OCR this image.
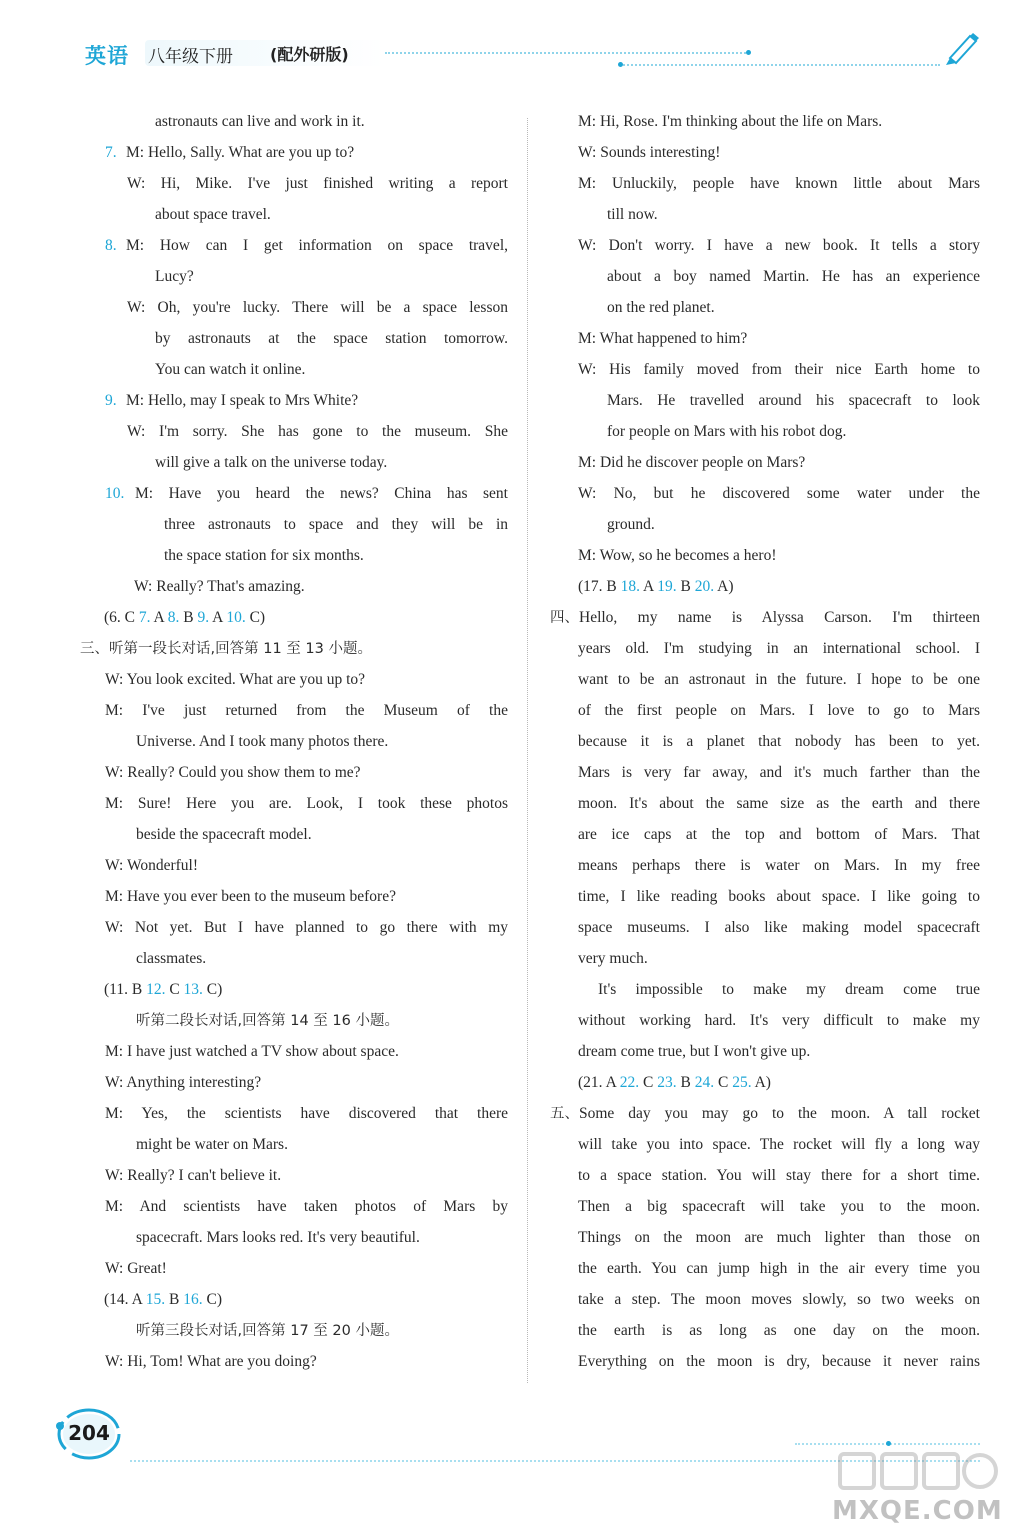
英语 八年级下册 (配外研版)
astronauts can live and work in it.
7. M: Hello, Sally. What are you up to?
W: Hi, Mike. I've just finished writing a report
about space travel.
8. M: How can I get information on space travel,
Lucy?
W: Oh, you're lucky. There will be a space lesson
by astronauts at the space station tomorrow.
You can watch it online.
9. M: Hello, may I speak to Mrs White?
W: I'm sorry. She has gone to the museum. She
will give a talk on the universe today.
10. M: Have you heard the news? China has sent
three astronauts to space and they will be in
the space station for six months.
W: Really? That's amazing.
(6. C 7. A 8. B 9. A 10. C)
三、听第一段长对话,回答第 11 至 13 小题。
W: You look excited. What are you up to?
M: I've just returned from the Museum of the
Universe. And I took many photos there.
W: Really? Could you show them to me?
M: Sure! Here you are. Look, I took these photos
beside the spacecraft model.
W: Wonderful!
M: Have you ever been to the museum before?
W: Not yet. But I have planned to go there with my
classmates.
(11. B 12. C 13. C)
听第二段长对话,回答第 14 至 16 小题。
M: I have just watched a TV show about space.
W: Anything interesting?
M: Yes, the scientists have discovered that there
might be water on Mars.
W: Really? I can't believe it.
M: And scientists have taken photos of Mars by
spacecraft. Mars looks red. It's very beautiful.
W: Great!
(14. A 15. B 16. C)
听第三段长对话,回答第 17 至 20 小题。
W: Hi, Tom! What are you doing?
M: Hi, Rose. I'm thinking about the life on Mars.
W: Sounds interesting!
M: Unluckily, people have known little about Mars
till now.
W: Don't worry. I have a new book. It tells a story
about a boy named Martin. He has an experience
on the red planet.
M: What happened to him?
W: His family moved from their nice Earth home to
Mars. He travelled around his spacecraft to look
for people on Mars with his robot dog.
M: Did he discover people on Mars?
W: No, but he discovered some water under the
ground.
M: Wow, so he becomes a hero!
(17. B 18. A 19. B 20. A)
四、 Hello, my name is Alyssa Carson. I'm thirteen
years old. I'm studying in an international school. I
want to be an astronaut in the future. I hope to be one
of the first people on Mars. I love to go to Mars
because it is a planet that nobody has been to yet.
Mars is very far away, and it's much farther than the
moon. It's about the same size as the earth and there
are ice caps at the top and bottom of Mars. That
means perhaps there is water on Mars. In my free
time, I like reading books about space. I like going to
space museums. I also like making model spacecraft
very much.
It's impossible to make my dream come true
without working hard. It's very difficult to make my
dream come true, but I won't give up.
(21. A 22. C 23. B 24. C 25. A)
五、 Some day you may go to the moon. A tall rocket
will take you into space. The rocket will fly a long way
to a space station. You will stay there for a short time.
Then a big spacecraft will take you to the moon.
Things on the moon are much lighter than those on
the earth. You can jump high in the air every time you
take a step. The moon moves slowly, so two weeks on
the earth is as long as one day on the moon.
Everything on the moon is dry, because it never rains
204
MXQE.COM
